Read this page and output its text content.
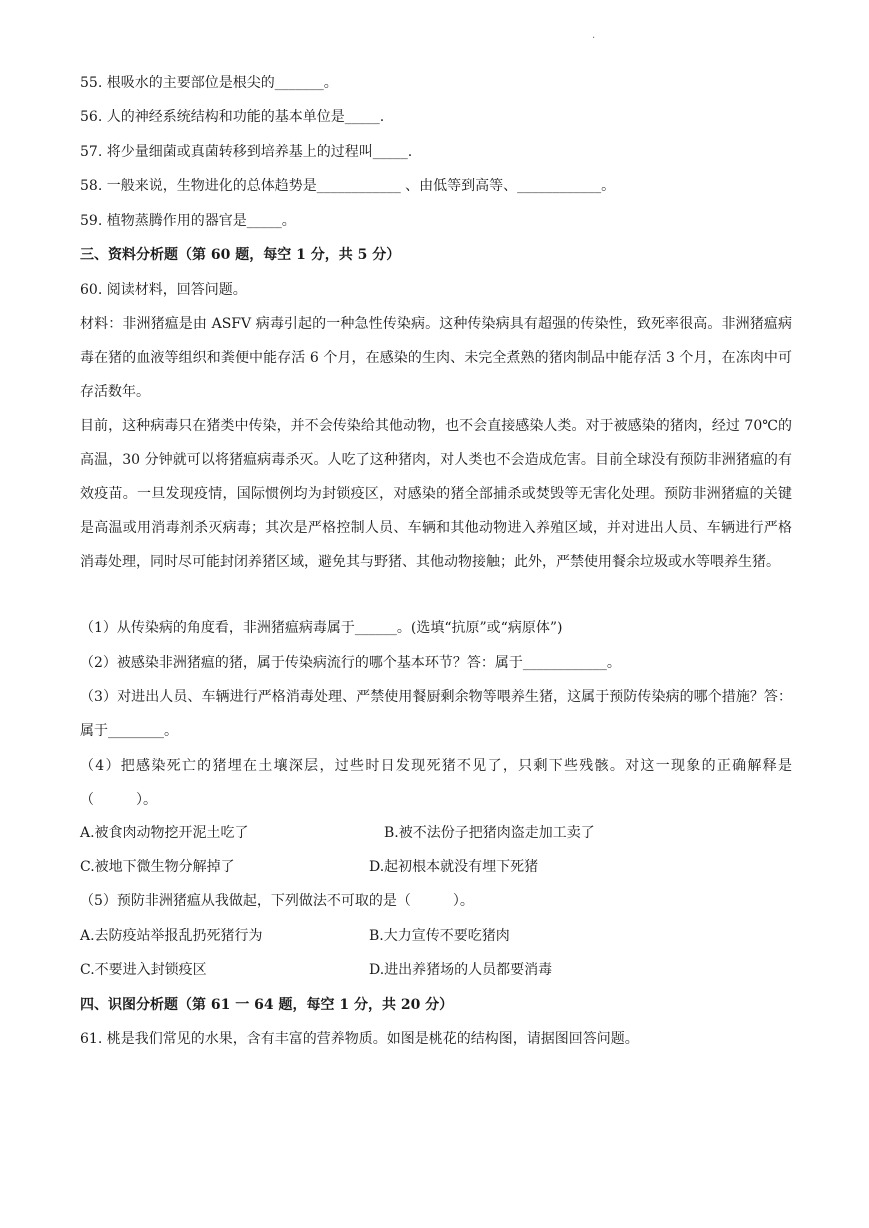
.
55. 根吸水的主要部位是根尖的_______。
56. 人的神经系统结构和功能的基本单位是_____.
57. 将少量细菌或真菌转移到培养基上的过程叫_____.
58. 一般来说，生物进化的总体趋势是____________ 、由低等到高等、____________。
59. 植物蒸腾作用的器官是_____。
三、资料分析题（第 60 题，每空 1 分，共 5 分）
60. 阅读材料，回答问题。
材料：非洲猪瘟是由 ASFV 病毒引起的一种急性传染病。这种传染病具有超强的传染性，致死率很高。非洲猪瘟病毒在猪的血液等组织和粪便中能存活 6 个月，在感染的生肉、未完全煮熟的猪肉制品中能存活 3 个月，在冻肉中可存活数年。
目前，这种病毒只在猪类中传染，并不会传染给其他动物，也不会直接感染人类。对于被感染的猪肉，经过 70℃的高温，30 分钟就可以将猪瘟病毒杀灭。人吃了这种猪肉，对人类也不会造成危害。目前全球没有预防非洲猪瘟的有效疫苗。一旦发现疫情，国际惯例均为封锁疫区，对感染的猪全部捕杀或焚毁等无害化处理。预防非洲猪瘟的关键是高温或用消毒剂杀灭病毒；其次是严格控制人员、车辆和其他动物进入养殖区域，并对进出人员、车辆进行严格消毒处理，同时尽可能封闭养猪区域，避免其与野猪、其他动物接触；此外，严禁使用餐余垃圾或水等喂养生猪。
（1）从传染病的角度看，非洲猪瘟病毒属于______。(选填“抗原”或“病原体”)
（2）被感染非洲猪瘟的猪，属于传染病流行的哪个基本环节？答：属于____________。
（3）对进出人员、车辆进行严格消毒处理、严禁使用餐厨剩余物等喂养生猪，这属于预防传染病的哪个措施？答：属于________。
（4）把感染死亡的猪埋在土壤深层，过些时日发现死猪不见了，只剩下些残骸。对这一现象的正确解释是（　　　）。
A.被食肉动物挖开泥土吃了	B.被不法份子把猪肉盗走加工卖了
C.被地下微生物分解掉了	D.起初根本就没有埋下死猪
（5）预防非洲猪瘟从我做起，下列做法不可取的是（　　　）。
A.去防疫站举报乱扔死猪行为	B.大力宣传不要吃猪肉
C.不要进入封锁疫区	D.进出养猪场的人员都要消毒
四、识图分析题（第 61 一 64 题，每空 1 分，共 20 分）
61. 桃是我们常见的水果，含有丰富的营养物质。如图是桃花的结构图，请据图回答问题。
